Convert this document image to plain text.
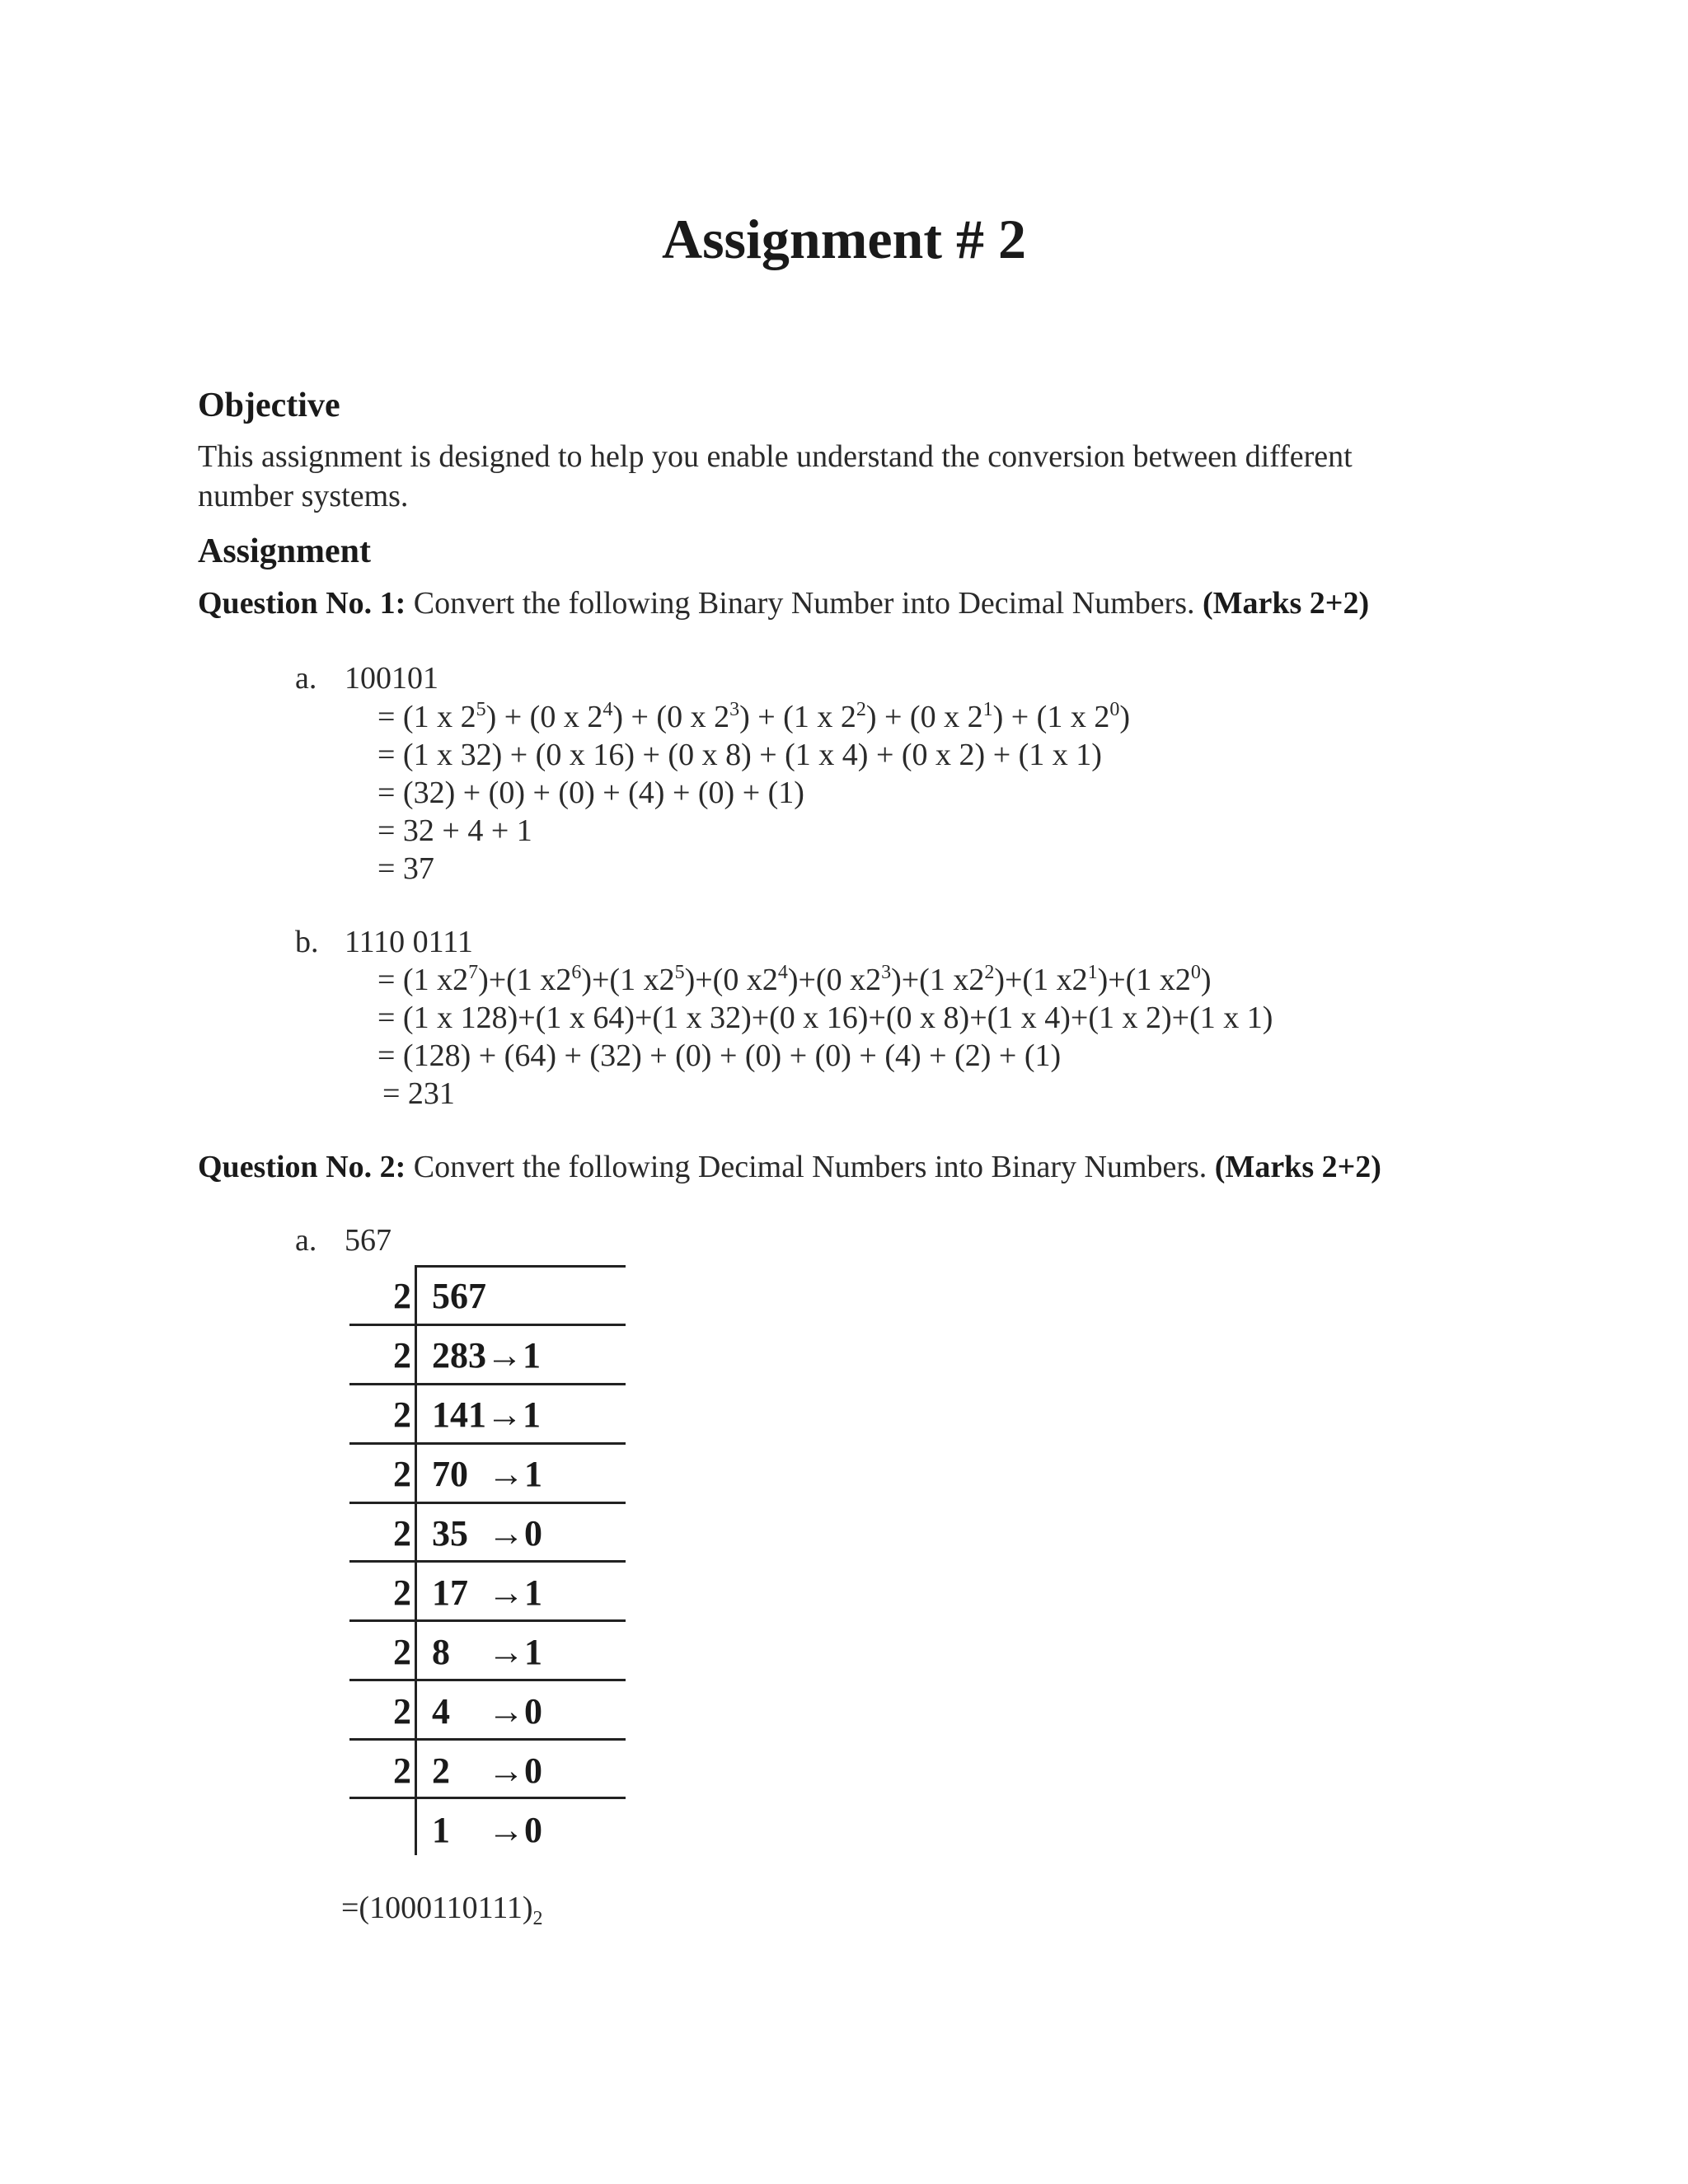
Assignment # 2
Objective
This assignment is designed to help you enable understand the conversion between different
number systems.
Assignment
Question No. 1: Convert the following Binary Number into Decimal Numbers. (Marks 2+2)
a. 100101
= (1 x $2^5) + (0$ x $2^4) + (0$ x $2^3) + (1$ x $2^2) + (0$ x $2^1) + (1$ x $2^0$)
= (1 x 32) + (0 x 16) + (0 x 8) + (1 x 4) + (0 x 2) + (1 x 1)
= (32) + (0) + (0) + (4) + (0) + (1)
= 32 + 4 + 1
= 37
b. 1110 0111
= (1 $x2^7)+(1$ $x2^6)+(1$ $x2^5)+(0$ $x2^4)+(0$ $x2^3)+(1$ $x2^2)+(1$ $x2^1)+(1$ $x2^0$)
= (1 x 128)+(1 x 64)+(1 x 32)+(0 x 16)+(0 x 8)+(1 x 4)+(1 x 2)+(1 x 1)
= (128) + (64) + (32) + (0) + (0) + (0) + (4) + (2) + (1)
= 231
Question No. 2: Convert the following Decimal Numbers into Binary Numbers. (Marks 2+2)
a. 567
2 567
2 283→1
2 141→1
2 70 →1
2 35 →0
2 17 →1
2 8 →1
2 4 →0
2 2 →0
1 →0
$=(1000110111)_2$
